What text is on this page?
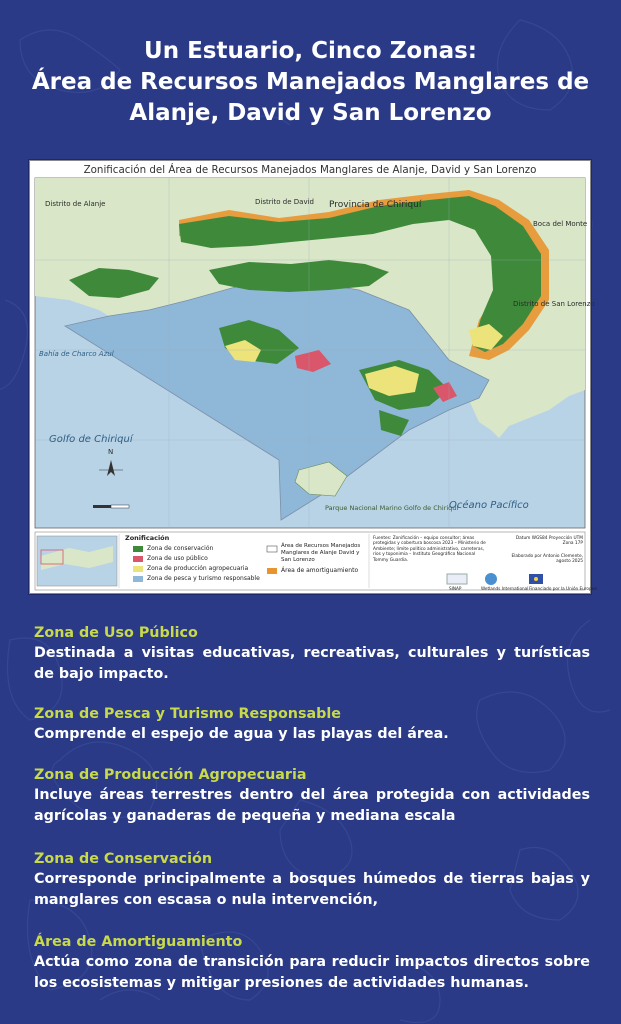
Un Estuario, Cinco Zonas:
Área de Recursos Manejados Manglares de
Alanje, David y San Lorenzo
Zonificación del Área de Recursos Manejados Manglares de Alanje, David y San Lorenzo
Distrito de Alanje	Distrito de David Provincia de Chiriquí
Boca del Monte
Distrito de San Lorenzo
Bahía de Charco Azul
Golfo de Chiriquí
Parque Nacional Marino Golfo de Chiriquí
Océano Pacífico
N
Zonificación
Zona de conservación
Zona de uso público
Zona de producción agropecuaria
Zona de pesca y turismo responsable
Área de Recursos Manejados Manglares de Alanje David y San Lorenzo
Área de amortiguamiento
Fuentes: Zonificación – equipo consultor; áreas protegidas y cobertura boscosa 2023 – Ministerio de Ambiente; límite político administrativo, carreteras, ríos y toponimia – Instituto Geográfico Nacional Tommy Guardia.
Datum WGS84 Proyección UTM Zona 17P
Elaborado por Antonio Clemente, agosto 2025
SINAP	Wetlands International Financiado por la Unión Europea
Zona de Uso Público
Destinada a visitas educativas, recreativas, culturales y turísticas de bajo impacto.
Zona de Pesca y Turismo Responsable
Comprende el espejo de agua y las playas del área.
Zona de Producción Agropecuaria
Incluye áreas terrestres dentro del área protegida con actividades agrícolas y ganaderas de pequeña y mediana escala
Zona de Conservación
Corresponde principalmente a bosques húmedos de tierras bajas y manglares con escasa o nula intervención,
Área de Amortiguamiento
Actúa como zona de transición para reducir impactos directos sobre los ecosistemas y mitigar presiones de actividades humanas.
